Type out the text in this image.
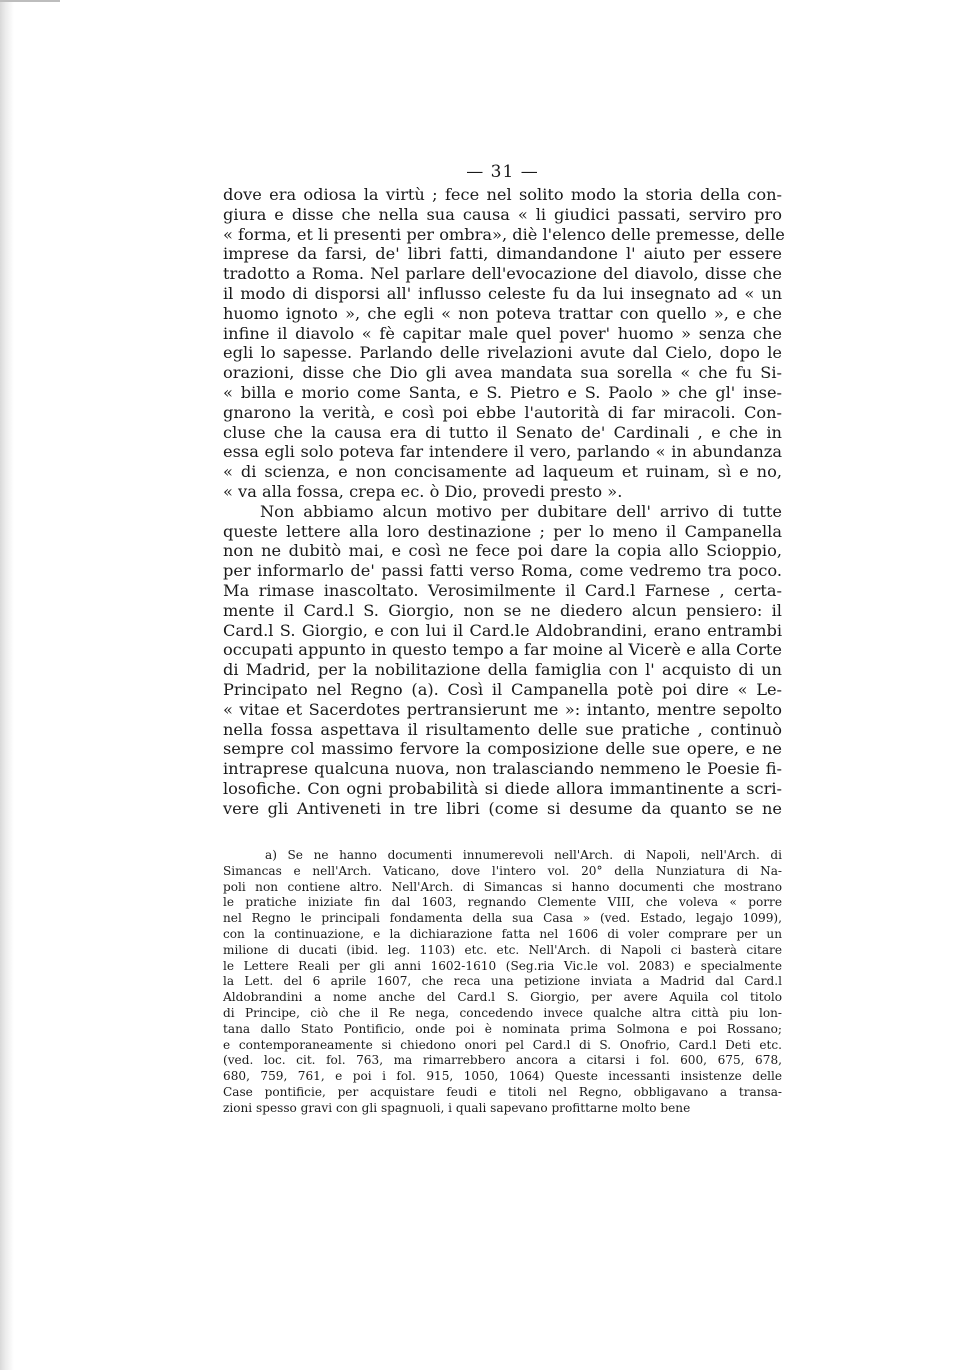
— 31 —
dove era odiosa la virtù ; fece nel solito modo la storia della con-
giura e disse che nella sua causa « li giudici passati, serviro pro
« forma, et li presenti per ombra», diè l'elenco delle premesse, delle
imprese da farsi, de' libri fatti, dimandandone l' aiuto per essere
tradotto a Roma. Nel parlare dell'evocazione del diavolo, disse che
il modo di disporsi all' influsso celeste fu da lui insegnato ad « un
huomo ignoto », che egli « non poteva trattar con quello », e che
infine il diavolo « fè capitar male quel pover' huomo » senza che
egli lo sapesse. Parlando delle rivelazioni avute dal Cielo, dopo le
orazioni, disse che Dio gli avea mandata sua sorella « che fu Si-
« billa e morio come Santa, e S. Pietro e S. Paolo » che gl' inse-
gnarono la verità, e così poi ebbe l'autorità di far miracoli. Con-
cluse che la causa era di tutto il Senato de' Cardinali , e che in
essa egli solo poteva far intendere il vero, parlando « in abundanza
« di scienza, e non concisamente ad laqueum et ruinam, sì e no,
« va alla fossa, crepa ec. ò Dio, provedi presto ».
Non abbiamo alcun motivo per dubitare dell' arrivo di tutte
queste lettere alla loro destinazione ; per lo meno il Campanella
non ne dubitò mai, e così ne fece poi dare la copia allo Scioppio,
per informarlo de' passi fatti verso Roma, come vedremo tra poco.
Ma rimase inascoltato. Verosimilmente il Card.l Farnese , certa-
mente il Card.l S. Giorgio, non se ne diedero alcun pensiero: il
Card.l S. Giorgio, e con lui il Card.le Aldobrandini, erano entrambi
occupati appunto in questo tempo a far moine al Vicerè e alla Corte
di Madrid, per la nobilitazione della famiglia con l' acquisto di un
Principato nel Regno (a). Così il Campanella potè poi dire « Le-
« vitae et Sacerdotes pertransierunt me »: intanto, mentre sepolto
nella fossa aspettava il risultamento delle sue pratiche , continuò
sempre col massimo fervore la composizione delle sue opere, e ne
intraprese qualcuna nuova, non tralasciando nemmeno le Poesie fi-
losofiche. Con ogni probabilità si diede allora immantinente a scri-
vere gli Antiveneti in tre libri (come si desume da quanto se ne
a) Se ne hanno documenti innumerevoli nell'Arch. di Napoli, nell'Arch. di
Simancas e nell'Arch. Vaticano, dove l'intero vol. 20° della Nunziatura di Na-
poli non contiene altro. Nell'Arch. di Simancas si hanno documenti che mostrano
le pratiche iniziate fin dal 1603, regnando Clemente VIII, che voleva « porre
nel Regno le principali fondamenta della sua Casa » (ved. Estado, legajo 1099),
con la continuazione, e la dichiarazione fatta nel 1606 di voler comprare per un
milione di ducati (ibid. leg. 1103) etc. etc. Nell'Arch. di Napoli ci basterà citare
le Lettere Reali per gli anni 1602-1610 (Seg.ria Vic.le vol. 2083) e specialmente
la Lett. del 6 aprile 1607, che reca una petizione inviata a Madrid dal Card.l
Aldobrandini a nome anche del Card.l S. Giorgio, per avere Aquila col titolo
di Principe, ciò che il Re nega, concedendo invece qualche altra città piu lon-
tana dallo Stato Pontificio, onde poi è nominata prima Solmona e poi Rossano;
e contemporaneamente si chiedono onori pel Card.l di S. Onofrio, Card.l Deti etc.
(ved. loc. cit. fol. 763, ma rimarrebbero ancora a citarsi i fol. 600, 675, 678,
680, 759, 761, e poi i fol. 915, 1050, 1064) Queste incessanti insistenze delle
Case pontificie, per acquistare feudi e titoli nel Regno, obbligavano a transa-
zioni spesso gravi con gli spagnuoli, i quali sapevano profittarne molto bene
